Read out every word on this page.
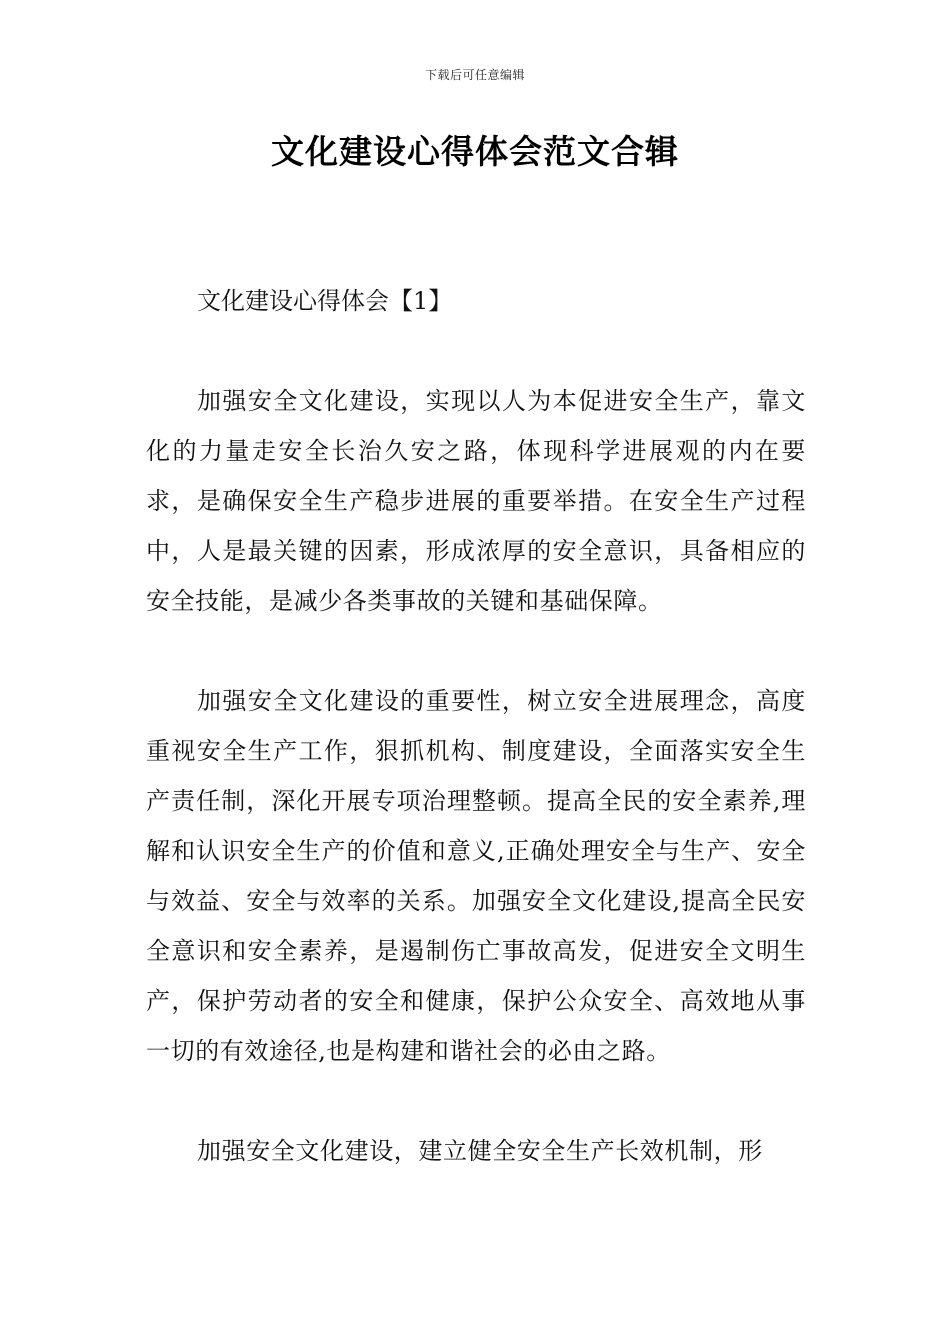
下载后可任意编辑
文化建设心得体会范文合辑

文化建设心得体会【1】

加强安全文化建设，实现以人为本促进安全生产，靠文化的力量走安全长治久安之路，体现科学进展观的内在要求，是确保安全生产稳步进展的重要举措。在安全生产过程中，人是最关键的因素，形成浓厚的安全意识，具备相应的安全技能，是减少各类事故的关键和基础保障。

加强安全文化建设的重要性，树立安全进展理念，高度重视安全生产工作，狠抓机构、制度建设，全面落实安全生产责任制，深化开展专项治理整顿。提高全民的安全素养,理解和认识安全生产的价值和意义,正确处理安全与生产、安全与效益、安全与效率的关系。加强安全文化建设,提高全民安全意识和安全素养，是遏制伤亡事故高发，促进安全文明生产，保护劳动者的安全和健康，保护公众安全、高效地从事一切的有效途径,也是构建和谐社会的必由之路。

加强安全文化建设，建立健全安全生产长效机制，形
